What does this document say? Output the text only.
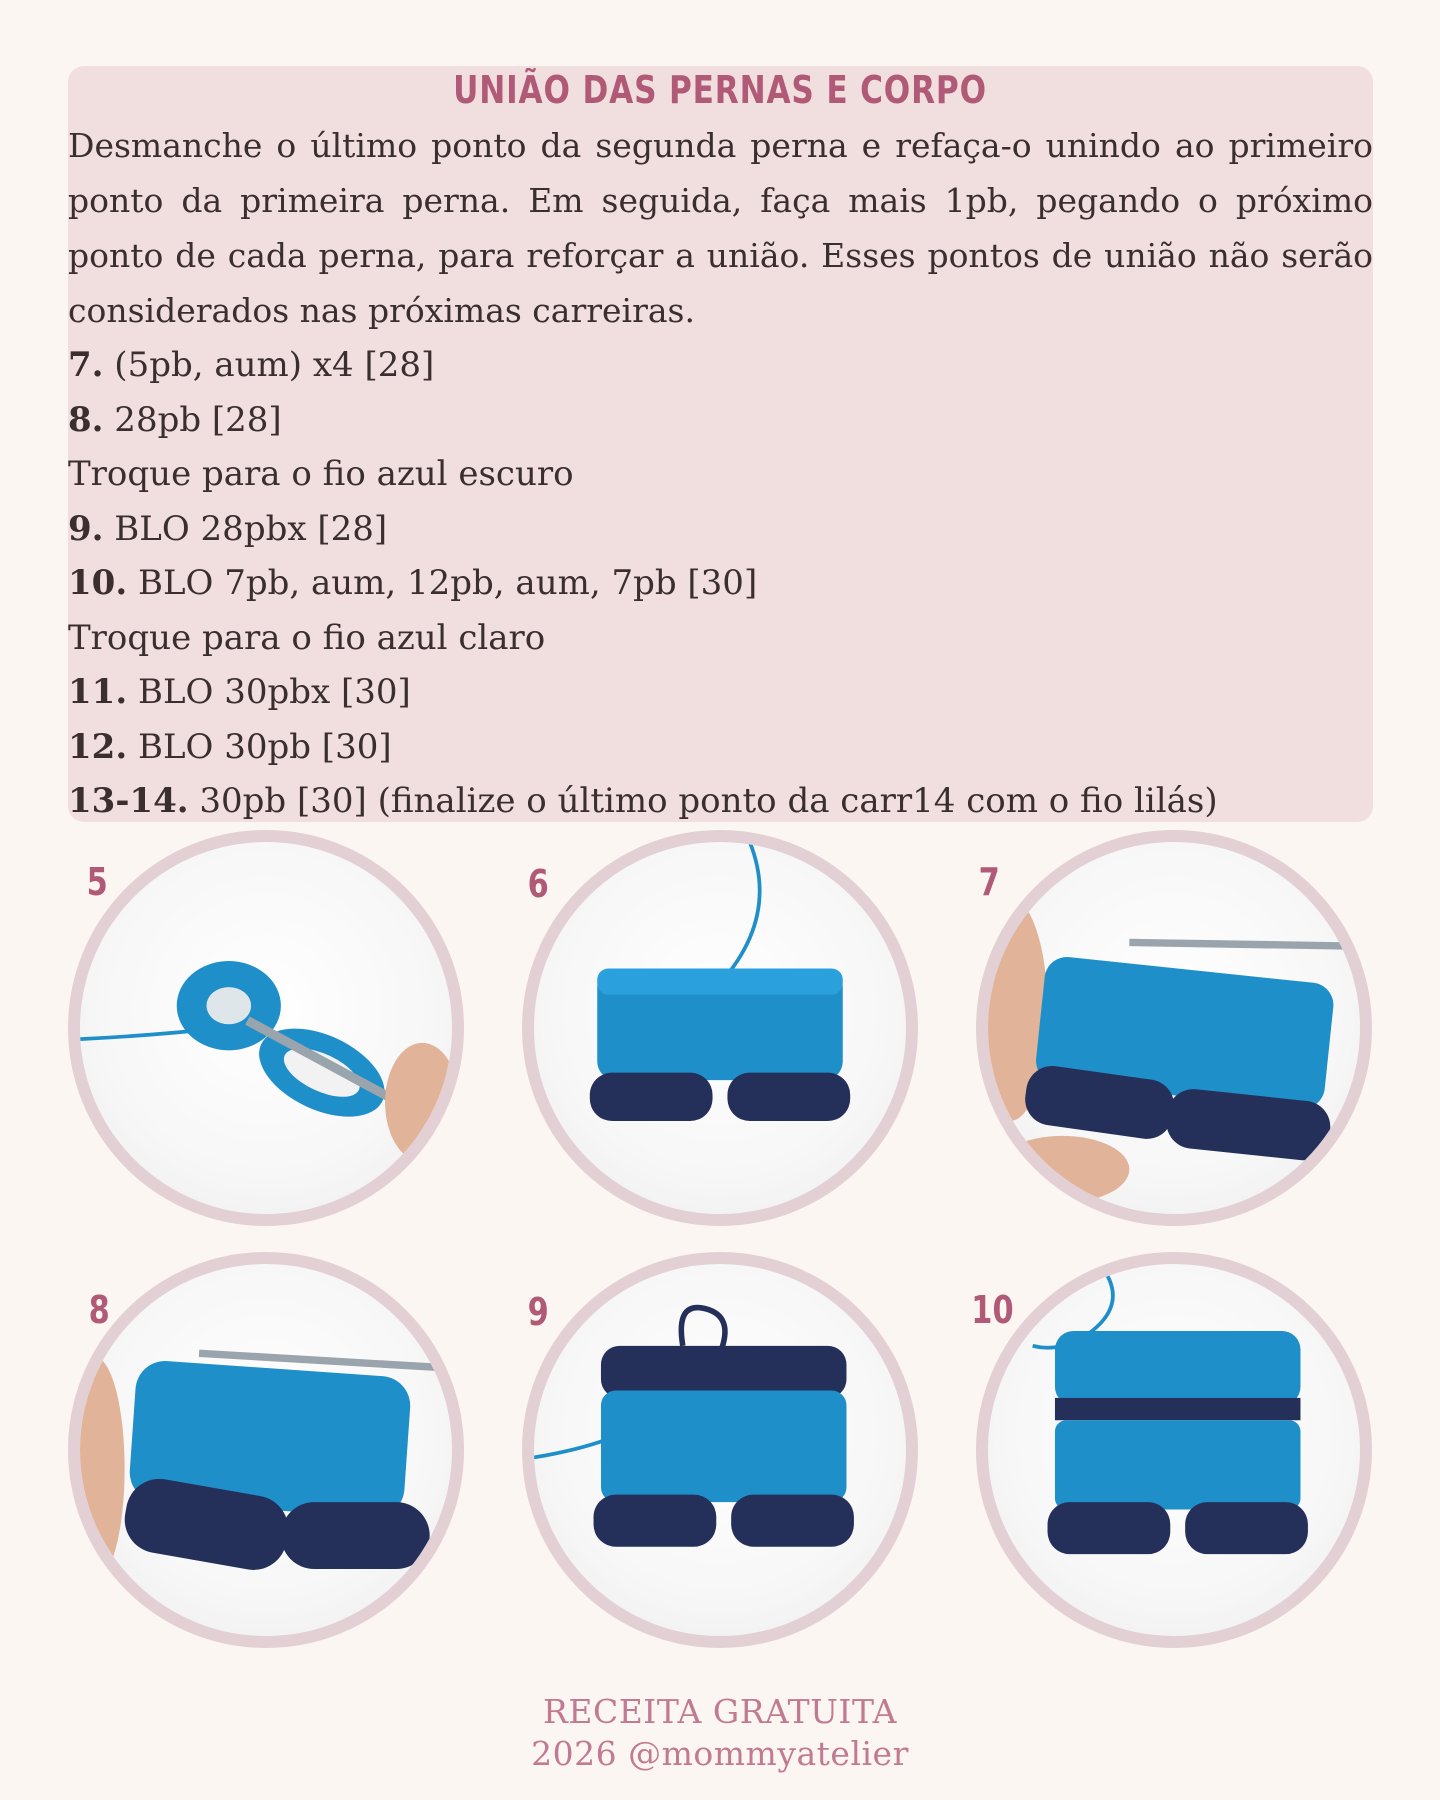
UNIÃO DAS PERNAS E CORPO

Desmanche o último ponto da segunda perna e refaça-o unindo ao primeiro ponto da primeira perna. Em seguida, faça mais 1pb, pegando o próximo ponto de cada perna, para reforçar a união. Esses pontos de união não serão considerados nas próximas carreiras.

7. (5pb, aum) x4 [28]
8. 28pb [28]
Troque para o fio azul escuro
9. BLO 28pbx [28]
10. BLO 7pb, aum, 12pb, aum, 7pb [30]
Troque para o fio azul claro
11. BLO 30pbx [30]
12. BLO 30pb [30]
13-14. 30pb [30] (finalize o último ponto da carr14 com o fio lilás)
5	6	7
8	9	10
RECEITA GRATUITA
2026 @mommyatelier
